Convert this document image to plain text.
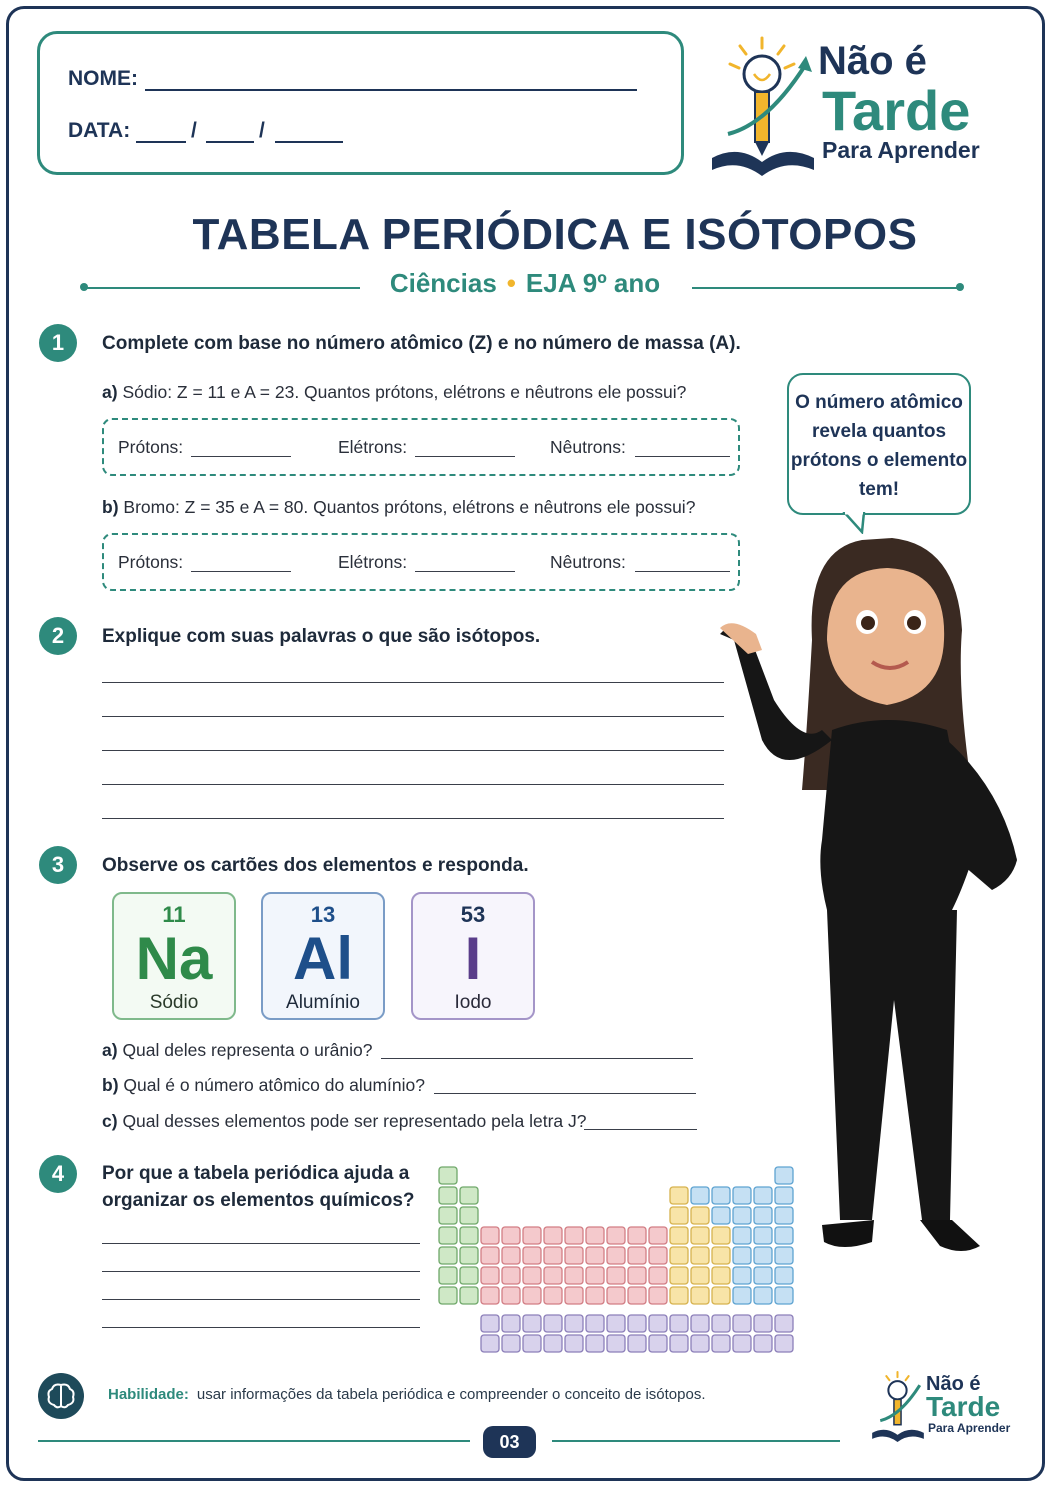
NOME:
DATA:	/	/
Não é
Tarde
Para Aprender
TABELA PERIÓDICA E ISÓTOPOS
Ciências • EJA 9º ano
1	Complete com base no número atômico (Z) e no número de massa (A).
a) Sódio: Z = 11 e A = 23. Quantos prótons, elétrons e nêutrons ele possui?
Prótons:	Elétrons:	Nêutrons:
b) Bromo: Z = 35 e A = 80. Quantos prótons, elétrons e nêutrons ele possui?
Prótons:	Elétrons:	Nêutrons:
O número atômico revela quantos prótons o elemento tem!
2	Explique com suas palavras o que são isótopos.
3	Observe os cartões dos elementos e responda.
11
Na
Sódio
13
Al
Alumínio
53
I
Iodo
a) Qual deles representa o urânio?
b) Qual é o número atômico do alumínio?
c) Qual desses elementos pode ser representado pela letra J?
4	Por que a tabela periódica ajuda a
organizar os elementos químicos?
Habilidade: usar informações da tabela periódica e compreender o conceito de isótopos.
03
Não é
Tarde
Para Aprender
